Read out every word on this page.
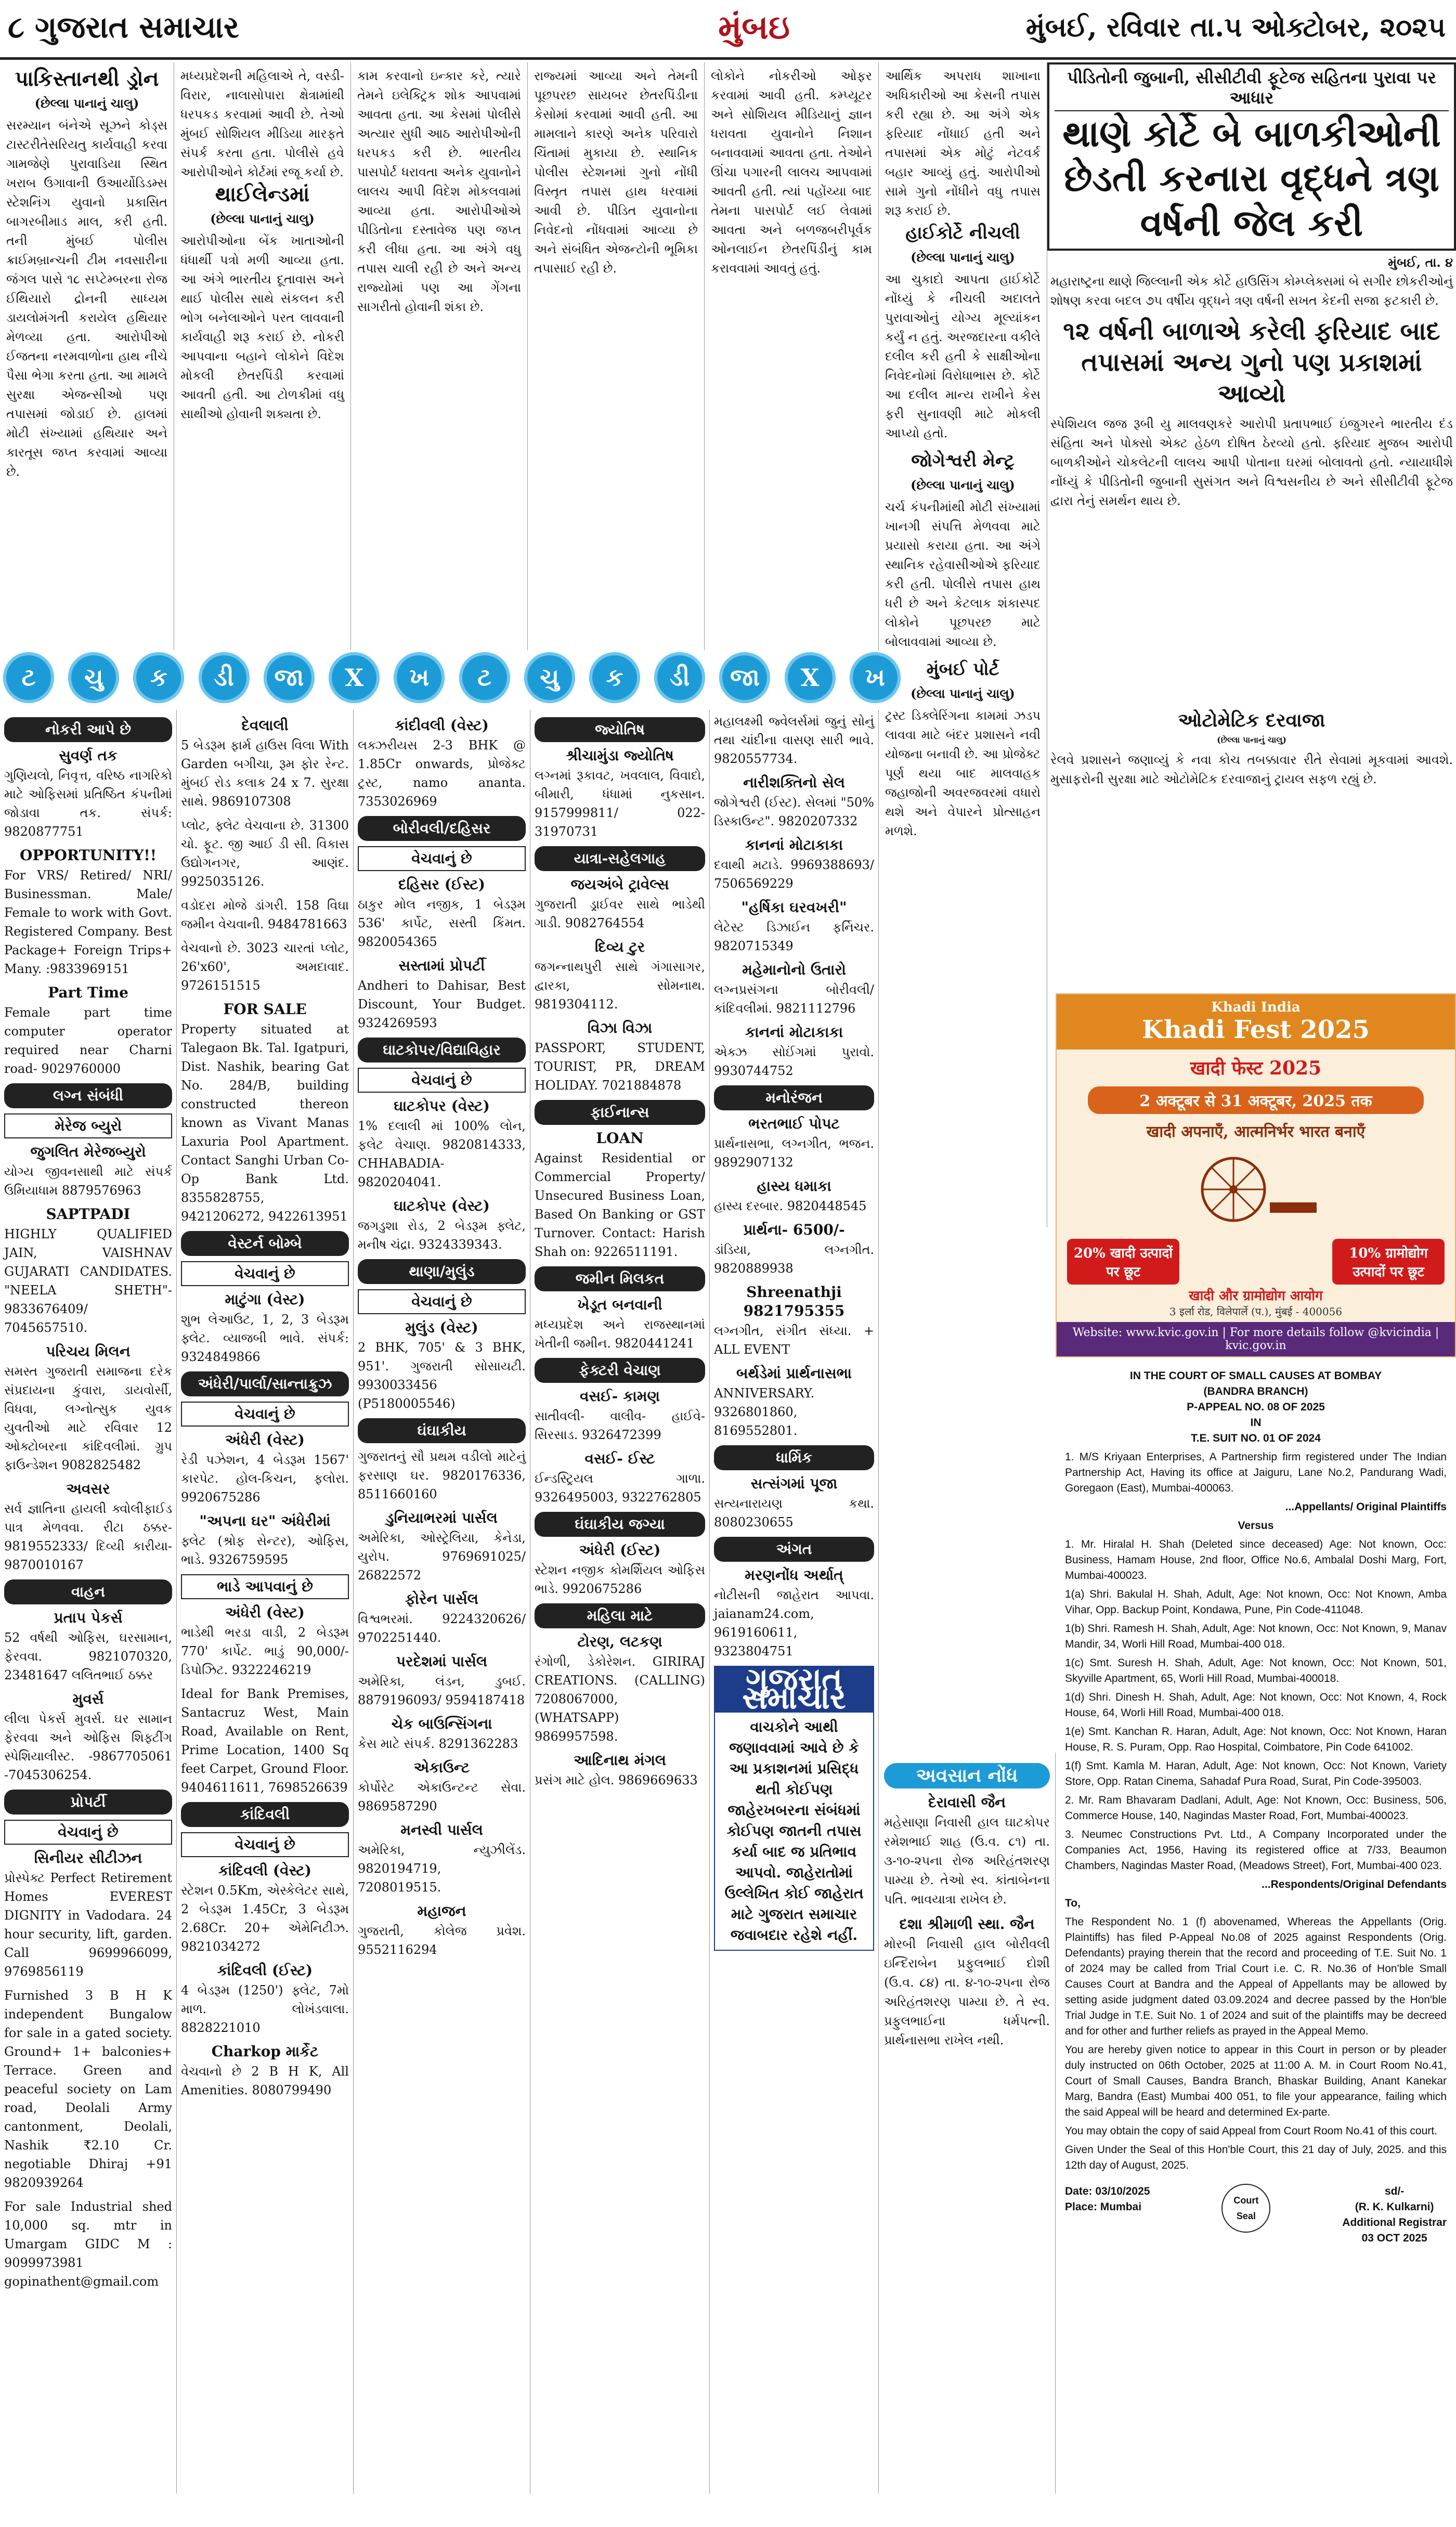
૮ ગુજરાત સમાચાર	મુંબઇ	મુંબઈ, રવિવાર તા.૫ ઓક્ટોબર, ૨૦૨૫
પાકિસ્તાનથી ડ્રોન
(છેલ્લા પાનાનું ચાલુ)
સરમ્યાન બંનેએ સૂઝને કોડ્સ ટાસ્ટરીતેસરિયતુ કાર્યવાહી કરવા ગામજેણે પુરાવાડિયા સ્થિત ખરાબ ઉગાવાની ઉઆર્યોડિડમ્સ સ્ટેશનિંગ યુવાનો પ્રકાસિત બાગરબીમાડ માલ, કરી હતી. તની મુંબઈ પોલીસ ક્રાઈમબ્રાન્ચની ટીમ નવસારીના જંગલ પાસે ૧૮ સપ્ટેમ્બરના રોજ ઈથિયારો દ્રોનની સાધ્યમ ડાયલોમંગતી કરાયેલ હથિયાર મેળવ્યા હતા. આરોપીઓ ઈજતના નરમવાળોના હાથ નીચે પૈસા ભેગા કરતા હતા. આ મામલે સુરક્ષા એજન્સીઓ પણ તપાસમાં જોડાઈ છે. હાલમાં મોટી સંખ્યામાં હથિયાર અને કારતૂસ જપ્ત કરવામાં આવ્યા છે.
મધ્યપ્રદેશની મહિલાએ તે, વસ્ડી-વિરાર, નાલાસોપારા ક્ષેત્રામાંથી ધરપકડ કરવામાં આવી છે. તેઓ મુંબઈ સોશિયલ મીડિયા મારફતે સંપર્ક કરતા હતા. પોલીસે હવે આરોપીઓને કોર્ટમાં રજૂ કર્યા છે.
થાઈલેન્ડમાં
(છેલ્લા પાનાનું ચાલુ)
આરોપીઓના બેંક ખાતાઓની ધંધાર્થી પત્રો મળી આવ્યા હતા. આ અંગે ભારતીય દૂતાવાસ અને થાઈ પોલીસ સાથે સંકલન કરી ભોગ બનેલાઓને પરત લાવવાની કાર્યવાહી શરૂ કરાઈ છે. નોકરી આપવાના બહાને લોકોને વિદેશ મોકલી છેતરપિંડી કરવામાં આવતી હતી. આ ટોળકીમાં વધુ સાથીઓ હોવાની શક્યતા છે.
કામ કરવાનો ઇન્કાર કરે, ત્યારે તેમને ઇલેક્ટ્રિક શોક આપવામાં આવતા હતા. આ કેસમાં પોલીસે અત્યાર સુધી આઠ આરોપીઓની ધરપકડ કરી છે. ભારતીય પાસપોર્ટ ધરાવતા અનેક યુવાનોને લાલચ આપી વિદેશ મોકલવામાં આવ્યા હતા. આરોપીઓએ પીડિતોના દસ્તાવેજ પણ જપ્ત કરી લીધા હતા. આ અંગે વધુ તપાસ ચાલી રહી છે અને અન્ય રાજ્યોમાં પણ આ ગેંગના સાગરીતો હોવાની શંકા છે.
રાજ્યમાં આવ્યા અને તેમની પૂછપરછ સાયબર છેતરપિંડીના કેસોમાં કરવામાં આવી હતી. આ મામલાને કારણે અનેક પરિવારો ચિંતામાં મુકાયા છે. સ્થાનિક પોલીસ સ્ટેશનમાં ગુનો નોંધી વિસ્તૃત તપાસ હાથ ધરવામાં આવી છે. પીડિત યુવાનોના નિવેદનો નોંધવામાં આવ્યા છે અને સંબંધિત એજન્ટોની ભૂમિકા તપાસાઈ રહી છે.
લોકોને નોકરીઓ ઓફર કરવામાં આવી હતી. કમ્પ્યૂટર અને સોશિયલ મીડિયાનું જ્ઞાન ધરાવતા યુવાનોને નિશાન બનાવવામાં આવતા હતા. તેઓને ઊંચા પગારની લાલચ આપવામાં આવતી હતી. ત્યાં પહોંચ્યા બાદ તેમના પાસપોર્ટ લઈ લેવામાં આવતા અને બળજબરીપૂર્વક ઓનલાઈન છેતરપિંડીનું કામ કરાવવામાં આવતું હતું.
આર્થિક અપરાધ શાખાના અધિકારીઓ આ કેસની તપાસ કરી રહ્યા છે. આ અંગે એક ફરિયાદ નોંધાઈ હતી અને તપાસમાં એક મોટું નેટવર્ક બહાર આવ્યું હતું. આરોપીઓ સામે ગુનો નોંધીને વધુ તપાસ શરૂ કરાઈ છે.
હાઈકોર્ટે નીચલી
(છેલ્લા પાનાનું ચાલુ)
આ ચુકાદો આપતા હાઈકોર્ટે નોંધ્યું કે નીચલી અદાલતે પુરાવાઓનું યોગ્ય મૂલ્યાંકન કર્યું ન હતું. અરજદારના વકીલે દલીલ કરી હતી કે સાક્ષીઓના નિવેદનોમાં વિરોધાભાસ છે. કોર્ટે આ દલીલ માન્ય રાખીને કેસ ફરી સુનાવણી માટે મોકલી આપ્યો હતો.
જોગેશ્વરી મેન્ટ્ર
(છેલ્લા પાનાનું ચાલુ)
ચર્ચ કંપનીમાંથી મોટી સંખ્યામાં ખાનગી સંપત્તિ મેળવવા માટે પ્રયાસો કરાયા હતા. આ અંગે સ્થાનિક રહેવાસીઓએ ફરિયાદ કરી હતી. પોલીસે તપાસ હાથ ધરી છે અને કેટલાક શંકાસ્પદ લોકોને પૂછપરછ માટે બોલાવવામાં આવ્યા છે.
મુંબઈ પોર્ટ
(છેલ્લા પાનાનું ચાલુ)
ટ્રસ્ટ ડિક્લેરિંગના કામમાં ઝડપ લાવવા માટે બંદર પ્રશાસને નવી યોજના બનાવી છે. આ પ્રોજેક્ટ પૂર્ણ થયા બાદ માલવાહક જહાજોની અવરજવરમાં વધારો થશે અને વેપારને પ્રોત્સાહન મળશે.
પીડિતોની જુબાની, સીસીટીવી ફૂટેજ સહિતના પુરાવા પર આધાર
થાણે કોર્ટે બે બાળકીઓની છેડતી કરનારા વૃદ્ધને ત્રણ વર્ષની જેલ કરી
મુંબઈ, તા. ૪
મહારાષ્ટ્રના થાણે જિલ્લાની એક કોર્ટે હાઉસિંગ કોમ્પ્લેક્સમાં બે સગીર છોકરીઓનું શોષણ કરવા બદલ ૭૫ વર્ષીય વૃદ્ધને ત્રણ વર્ષની સખત કેદની સજા ફટકારી છે.
૧૨ વર્ષની બાળાએ કરેલી ફરિયાદ બાદ તપાસમાં અન્ય ગુનો પણ પ્રકાશમાં આવ્યો
સ્પેશિયલ જજ રૂબી યુ માલવણકરે આરોપી પ્રતાપભાઈ ઇંજુગરને ભારતીય દંડ સંહિતા અને પોક્સો એક્ટ હેઠળ દોષિત ઠેરવ્યો હતો. ફરિયાદ મુજબ આરોપી બાળકીઓને ચોકલેટની લાલચ આપી પોતાના ઘરમાં બોલાવતો હતો. ન્યાયાધીશે નોંધ્યું કે પીડિતોની જુબાની સુસંગત અને વિશ્વસનીય છે અને સીસીટીવી ફૂટેજ દ્વારા તેનું સમર્થન થાય છે.
ઓટોમેટિક દરવાજા
(છેલ્લા પાનાનું ચાલુ)
રેલવે પ્રશાસને જણાવ્યું કે નવા કોચ તબક્કાવાર રીતે સેવામાં મૂકવામાં આવશે. મુસાફરોની સુરક્ષા માટે ઓટોમેટિક દરવાજાનું ટ્રાયલ સફળ રહ્યું છે.
ટ	ચુ	ક	ડી	જા	X	ખ	ટ	ચુ	ક	ડી	જા	X	ખ
નોકરી આપે છે
સુવર્ણ તક
ગુણિયલો, નિવૃત્ત, વરિષ્ઠ નાગરિકો માટે ઓફિસમાં પ્રતિષ્ઠિત કંપનીમાં જોડાવા તક. સંપર્ક: 9820877751
OPPORTUNITY!!
For VRS/ Retired/ NRI/ Businessman. Male/ Female to work with Govt. Registered Company. Best Package+ Foreign Trips+ Many. :9833969151
Part Time
Female part time computer operator required near Charni road- 9029760000
લગ્ન સંબંધી
મેરેજ બ્યુરો
જુગલિત મેરેજબ્યુરો
યોગ્ય જીવનસાથી માટે સંપર્ક ઉમિયાધામ 8879576963
SAPTPADI
HIGHLY QUALIFIED JAIN, VAISHNAV GUJARATI CANDIDATES. "NEELA SHETH"- 9833676409/ 7045657510.
પરિચય મિલન
સમસ્ત ગુજરાતી સમાજના દરેક સંપ્રદાયના કુંવારા, ડાયવોર્સી, વિધવા, લગ્નોત્સુક યુવક યુવતીઓ માટે રવિવાર 12 ઓક્ટોબરના કાંદિવલીમાં. ગ્રુપ ફાઉન્ડેશન 9082825482
અવસર
સર્વ જ્ઞાતિના હાયલી ક્વોલીફાઈડ પાત્ર મેળવવા. રીટા ઠક્કર- 9819552333/ દિવ્યી કારીયા- 9870010167
વાહન
પ્રતાપ પેકર્સ
52 વર્ષથી ઓફિસ, ઘરસામાન, ફેરવવા. 9821070320, 23481647 લલિતભાઈ ઠક્કર
મુવર્સ
લીલા પેકર્સ મુવર્સ. ઘર સામાન ફેરવવા અને ઓફિસ શિફ્ટીંગ સ્પેશિયાલીસ્ટ. -9867705061 -7045306254.
પ્રોપર્ટી
વેચવાનું છે
સિનીયર સીટીઝન
પ્રોસ્પેક્ટ Perfect Retirement Homes EVEREST DIGNITY in Vadodara. 24 hour security, lift, garden. Call 9699966099, 9769856119
Furnished 3 B H K independent Bungalow for sale in a gated society. Ground+ 1+ balconies+ Terrace. Green and peaceful society on Lam road, Deolali Army cantonment, Deolali, Nashik ₹2.10 Cr. negotiable Dhiraj +91 9820939264
For sale Industrial shed 10,000 sq. mtr in Umargam GIDC M : 9099973981 gopinathent@gmail.com
દેવલાલી
5 બેડરૂમ ફાર્મ હાઉસ વિલા With Garden બગીચા, રૂમ ફોર રેન્ટ. મુંબઈ રોડ કલાક 24 x 7. સુરક્ષા સાથે. 9869107308
પ્લોટ, ફ્લેટ વેચવાના છે. 31300 ચો. ફૂટ. જી આઈ ડી સી. વિકાસ ઉદ્યોગનગર, આણંદ. 9925035126.
વડોદરા મોજે ડાંગરી. 158 વિઘા જમીન વેચવાની. 9484781663
વેચવાનો છે. 3023 ચારતાં પ્લોટ, 26'x60', અમદાવાદ. 9726151515
FOR SALE
Property situated at Talegaon Bk. Tal. Igatpuri, Dist. Nashik, bearing Gat No. 284/B, building constructed thereon known as Vivant Manas Laxuria Pool Apartment. Contact Sanghi Urban Co-Op Bank Ltd. 8355828755, 9421206272, 9422613951
વેસ્ટર્ન બોમ્બે
વેચવાનું છે
માટુંગા (વેસ્ટ)
શુભ લેઆઉટ, 1, 2, 3 બેડરૂમ ફ્લેટ. વ્યાજબી ભાવે. સંપર્ક: 9324849866
અંધેરી/પાર્લા/સાન્તાક્રુઝ
વેચવાનું છે
અંધેરી (વેસ્ટ)
રેડી પઝેશન, 4 બેડરૂમ 1567' કારપેટ. હોલ-કિચન, ફલોરા. 9920675286
"અપના ઘર" અંધેરીમાં
ફ્લેટ (શ્રોફ સેન્ટર), ઓફિસ, ભાડે. 9326759595
ભાડે આપવાનું છે
અંધેરી (વેસ્ટ)
ભાડેથી ભરડા વાડી, 2 બેડરૂમ 770' કાર્પેટ. ભાડું 90,000/- ડિપોઝિટ. 9322246219
Ideal for Bank Premises, Santacruz West, Main Road, Available on Rent, Prime Location, 1400 Sq feet Carpet, Ground Floor. 9404611611, 7698526639
કાંદિવલી
વેચવાનું છે
કાંદિવલી (વેસ્ટ)
સ્ટેશન 0.5Km, એસ્કેલેટર સાથે, 2 બેડરૂમ 1.45Cr, 3 બેડરૂમ 2.68Cr. 20+ એમેનિટીઝ. 9821034272
કાંદિવલી (ઈસ્ટ)
4 બેડરૂમ (1250') ફ્લેટ, 7મો માળ. લોખંડવાલા. 8828221010
Charkop માર્કેટ
વેચવાનો છે 2 B H K, All Amenities. 8080799490
કાંદીવલી (વેસ્ટ)
લક્ઝરીયસ 2-3 BHK @ 1.85Cr onwards, પ્રોજેક્ટ ટ્રસ્ટ, namo ananta. 7353026969
બોરીવલી/દહિસર
વેચવાનું છે
દહિસર (ઈસ્ટ)
ઠાકુર મોલ નજીક, 1 બેડરૂમ 536' કાર્પેટ, સસ્તી કિંમત. 9820054365
સસ્તામાં પ્રોપર્ટી
Andheri to Dahisar, Best Discount, Your Budget. 9324269593
ઘાટકોપર/વિદ્યાવિહાર
વેચવાનું છે
ઘાટકોપર (વેસ્ટ)
1% દલાલી માં 100% લોન, ફલેટ વેચાણ. 9820814333, CHHABADIA- 9820204041.
ઘાટકોપર (વેસ્ટ)
જગડુશા રોડ, 2 બેડરૂમ ફ્લેટ, મનીષ ચંદ્રા. 9324339343.
થાણા/મુલુંડ
વેચવાનું છે
મુલુંડ (વેસ્ટ)
2 BHK, 705' & 3 BHK, 951'. ગુજરાતી સોસાયટી. 9930033456 (P5180005546)
ઘંઘાકીય
ગુજરાતનું સૌ પ્રથમ વડીલો માટેનું ફરસાણ ઘર. 9820176336, 8511660160
ડુનિયાભરમાં પાર્સલ
અમેરિકા, ઓસ્ટ્રેલિયા, કેનેડા, યુરોપ. 9769691025/ 26822572
ફોરેન પાર્સલ
વિશ્વભરમાં. 9224320626/ 9702251440.
પરદેશમાં પાર્સલ
અમેરિકા, લંડન, ડુબઈ. 8879196093/ 9594187418
ચેક બાઉન્સિંગના
કેસ માટે સંપર્ક. 8291362283
એકાઉન્ટ
કોર્પોરેટ એકાઉન્ટન્ટ સેવા. 9869587290
મનસ્વી પાર્સલ
અમેરિકા, ન્યુઝીલેંડ. 9820194719, 7208019515.
મહાજન
ગુજરાતી, કોલેજ પ્રવેશ. 9552116294
જ્યોતિષ
શ્રીચામુંડા જ્યોતિષ
લગ્નમાં રૂકાવટ, ખવલાલ, વિવાદો, બીમારી, ધંધામાં નુકસાન. 9157999811/ 022-31970731
યાત્રા-સહેલગાહ
જયઅંબે ટ્રાવેલ્સ
ગુજરાતી ડ્રાઈવર સાથે ભાડેથી ગાડી. 9082764554
દિવ્ય ટુર
જગન્નાથપુરી સાથે ગંગાસાગર, દ્વારકા, સોમનાથ. 9819304112.
વિઝા વિઝા
PASSPORT, STUDENT, TOURIST, PR, DREAM HOLIDAY. 7021884878
ફાઈનાન્સ
LOAN
Against Residential or Commercial Property/ Unsecured Business Loan, Based On Banking or GST Turnover. Contact: Harish Shah on: 9226511191.
જમીન મિલકત
ખેડૂત બનવાની
મધ્યપ્રદેશ અને રાજસ્થાનમાં ખેતીની જમીન. 9820441241
ફેક્ટરી વેચાણ
વસઈ- કામણ
સાતીવલી- વાલીવ- હાઈવે- સિરસાડ. 9326472399
વસઈ- ઈસ્ટ
ઈન્ડસ્ટ્રિયલ ગાળા. 9326495003, 9322762805
ઘંઘાકીય જગ્યા
અંધેરી (ઈસ્ટ)
સ્ટેશન નજીક કોમર્શિયલ ઓફિસ ભાડે. 9920675286
મહિલા માટે
ટોરણ, લટકણ
રંગોળી, ડેકોરેશન. GIRIRAJ CREATIONS. (CALLING) 7208067000, (WHATSAPP) 9869957598.
આદિનાથ મંગલ
પ્રસંગ માટે હોલ. 9869669633
મહાલક્ષ્મી જ્વેલર્સમાં જુનું સોનું તથા ચાંદીના વાસણ સારી ભાવે. 9820557734.
નારીશક્તિનો સેલ
જોગેશ્વરી (ઈસ્ટ). સેલમાં "50% ડિસ્કાઉન્ટ". 9820207332
કાનનાં મોટાકાકા
દવાથી મટાડે. 9969388693/ 7506569229
"હર્ષિકા ઘરવખરી"
લેટેસ્ટ ડિઝાઈન ફર્નિચર. 9820715349
મહેમાનોનો ઉતારો
લગ્નપ્રસંગના બોરીવલી/ કાંદિવલીમાં. 9821112796
કાનનાં મોટાકાકા
એક્ઝ સોઈંગમાં પુરાવો. 9930744752
મનોરંજન
ભરતભાઈ પોપટ
પ્રાર્થનાસભા, લગ્નગીત, ભજન. 9892907132
હાસ્ય ધમાકા
હાસ્ય દરબાર. 9820448545
પ્રાર્થના- 6500/-
ડાંડિયા, લગ્નગીત. 9820889938
Shreenathji 9821795355
લગ્નગીત, સંગીત સંધ્યા. + ALL EVENT
બર્થડેમાં પ્રાર્થનાસભા
ANNIVERSARY. 9326801860, 8169552801.
ધાર્મિક
સત્સંગમાં પૂજા
સત્યનારાયણ કથા. 8080230655
અંગત
મરણનોંધ અર્થાત્
નોટીસની જાહેરાત આપવા. jaianam24.com, 9619160611, 9323804751
ગુજરાત સમાચાર
વાચકોને આથી જણાવવામાં આવે છે કે આ પ્રકાશનમાં પ્રસિદ્ધ થતી કોઈપણ જાહેરખબરના સંબંધમાં કોઈપણ જાતની તપાસ કર્યા બાદ જ પ્રતિભાવ આપવો. જાહેરાતોમાં ઉલ્લેખિત કોઈ જાહેરાત માટે ગુજરાત સમાચાર જવાબદાર રહેશે નહીં.
અવસાન નોંધ
દેરાવાસી જૈન
મહેસાણા નિવાસી હાલ ઘાટકોપર રમેશભાઈ શાહ (ઉ.વ. ૮૧) તા. ૩-૧૦-૨૫ના રોજ અરિહંતશરણ પામ્યા છે. તેઓ સ્વ. કાંતાબેનના પતિ. ભાવયાત્રા રાખેલ છે.
દશા શ્રીમાળી સ્થા. જૈન
મોરબી નિવાસી હાલ બોરીવલી ઇન્દિરાબેન પ્રફુલભાઈ દોશી (ઉ.વ. ૮૪) તા. ૪-૧૦-૨૫ના રોજ અરિહંતશરણ પામ્યા છે. તે સ્વ. પ્રફુલભાઈના ધર્મપત્ની. પ્રાર્થનાસભા રાખેલ નથી.
Khadi India
Khadi Fest 2025
खादी फेस्ट 2025
2 अक्टूबर से 31 अक्टूबर, 2025 तक
खादी अपनाएँ, आत्मनिर्भर भारत बनाएँ
20% खादी उत्पादों पर छूट
10% ग्रामोद्योग उत्पादों पर छूट
खादी और ग्रामोद्योग आयोग
3 इर्ला रोड, विलेपार्ले (प.), मुंबई - 400056
Website: www.kvic.gov.in | For more details follow @kvicindia | kvic.gov.in
IN THE COURT OF SMALL CAUSES AT BOMBAY
(BANDRA BRANCH)
P-APPEAL NO. 08 OF 2025
IN
T.E. SUIT NO. 01 OF 2024
1. M/S Kriyaan Enterprises, A Partnership firm registered under The Indian Partnership Act, Having its office at Jaiguru, Lane No.2, Pandurang Wadi, Goregaon (East), Mumbai-400063.
...Appellants/ Original Plaintiffs
Versus
1. Mr. Hiralal H. Shah (Deleted since deceased) Age: Not known, Occ: Business, Hamam House, 2nd floor, Office No.6, Ambalal Doshi Marg, Fort, Mumbai-400023.
1(a) Shri. Bakulal H. Shah, Adult, Age: Not known, Occ: Not Known, Amba Vihar, Opp. Backup Point, Kondawa, Pune, Pin Code-411048.
1(b) Shri. Ramesh H. Shah, Adult, Age: Not known, Occ: Not Known, 9, Manav Mandir, 34, Worli Hill Road, Mumbai-400 018.
1(c) Smt. Suresh H. Shah, Adult, Age: Not known, Occ: Not Known, 501, Skyville Apartment, 65, Worli Hill Road, Mumbai-400018.
1(d) Shri. Dinesh H. Shah, Adult, Age: Not known, Occ: Not Known, 4, Rock House, 64, Worli Hill Road, Mumbai-400 018.
1(e) Smt. Kanchan R. Haran, Adult, Age: Not known, Occ: Not Known, Haran House, R. S. Puram, Opp. Rao Hospital, Coimbatore, Pin Code 641002.
1(f) Smt. Kamla M. Haran, Adult, Age: Not known, Occ: Not Known, Variety Store, Opp. Ratan Cinema, Sahadaf Pura Road, Surat, Pin Code-395003.
2. Mr. Ram Bhavaram Dadlani, Adult, Age: Not Known, Occ: Business, 506, Commerce House, 140, Nagindas Master Road, Fort, Mumbai-400023.
3. Neumec Constructions Pvt. Ltd., A Company Incorporated under the Companies Act, 1956, Having its registered office at 7/33, Beaumon Chambers, Nagindas Master Road, (Meadows Street), Fort, Mumbai-400 023.
...Respondents/Original Defendants
To,
The Respondent No. 1 (f) abovenamed, Whereas the Appellants (Orig. Plaintiffs) has filed P-Appeal No.08 of 2025 against Respondents (Orig. Defendants) praying therein that the record and proceeding of T.E. Suit No. 1 of 2024 may be called from Trial Court i.e. C. R. No.36 of Hon'ble Small Causes Court at Bandra and the Appeal of Appellants may be allowed by setting aside judgment dated 03.09.2024 and decree passed by the Hon'ble Trial Judge in T.E. Suit No. 1 of 2024 and suit of the plaintiffs may be decreed and for other and further reliefs as prayed in the Appeal Memo.
You are hereby given notice to appear in this Court in person or by pleader duly instructed on 06th October, 2025 at 11:00 A. M. in Court Room No.41, Court of Small Causes, Bandra Branch, Bhaskar Building, Anant Kanekar Marg, Bandra (East) Mumbai 400 051, to file your appearance, failing which the said Appeal will be heard and determined Ex-parte.
You may obtain the copy of said Appeal from Court Room No.41 of this court.
Given Under the Seal of this Hon'ble Court, this 21 day of July, 2025. and this 12th day of August, 2025.
Date: 03/10/2025
Place: Mumbai
Court Seal
sd/-
(R. K. Kulkarni)
Additional Registrar
03 OCT 2025
